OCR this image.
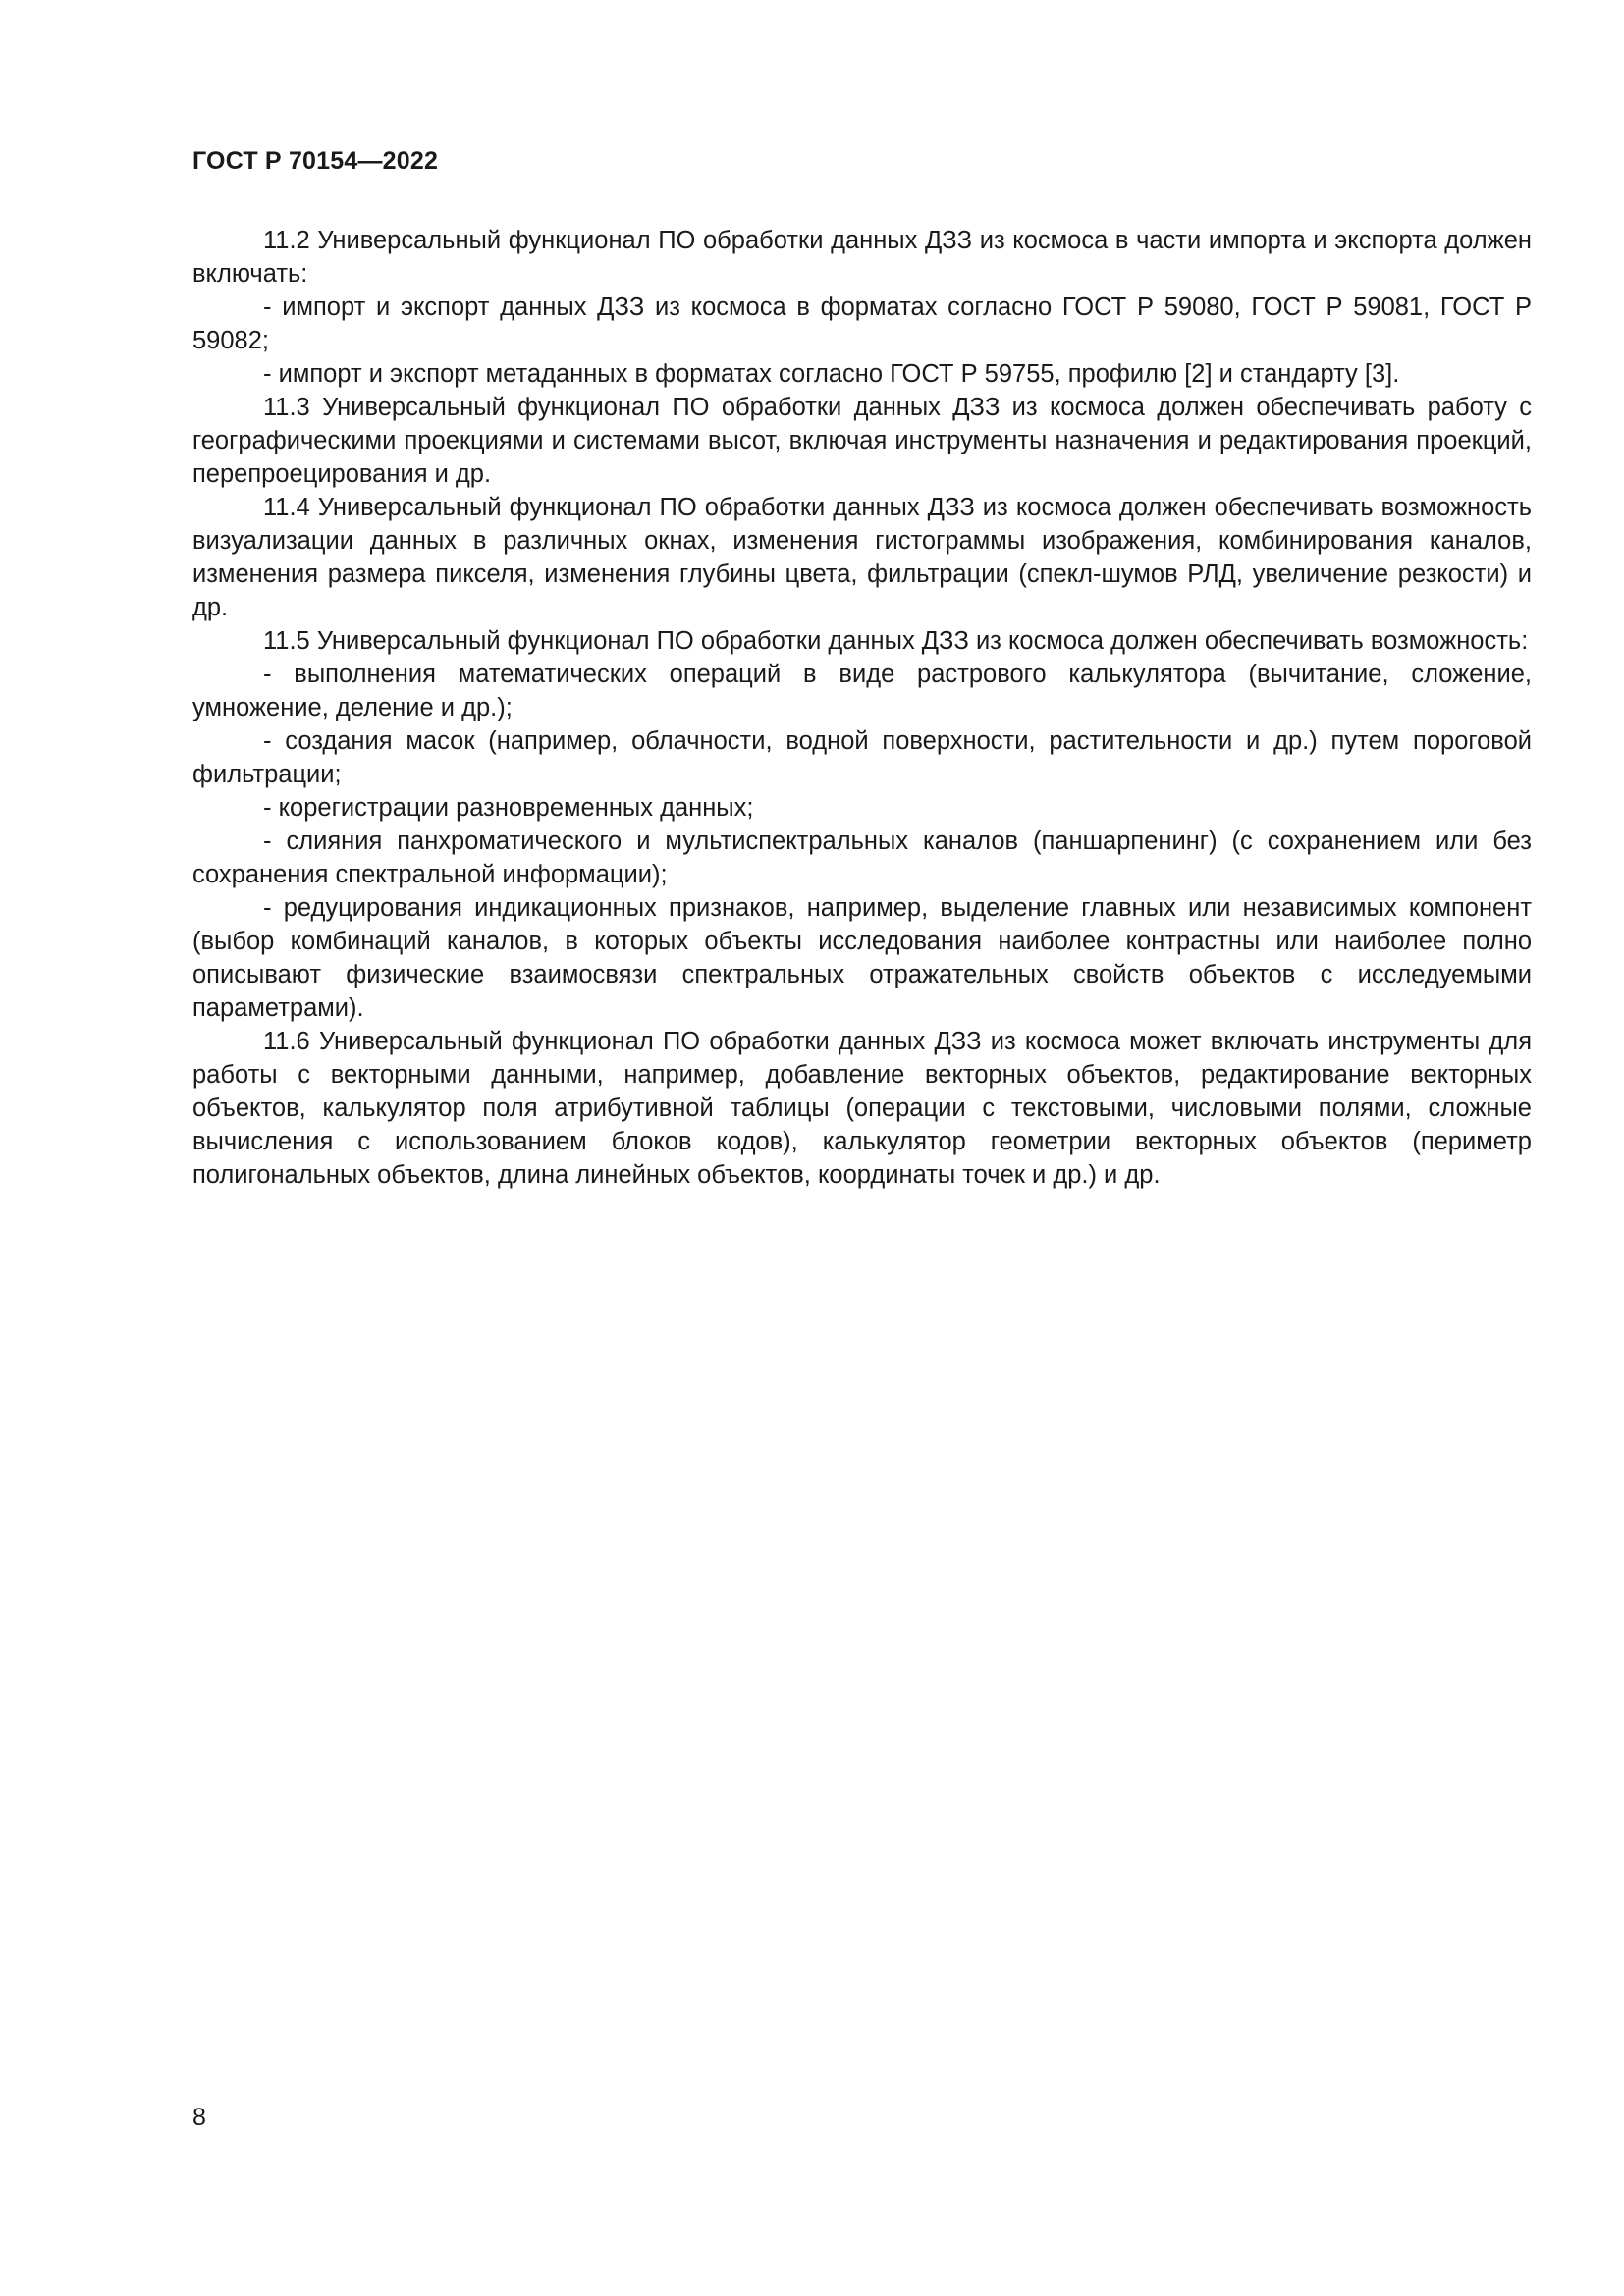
ГОСТ Р 70154—2022

11.2 Универсальный функционал ПО обработки данных ДЗЗ из космоса в части импорта и экспорта должен включать:

- импорт и экспорт данных ДЗЗ из космоса в форматах согласно ГОСТ Р 59080, ГОСТ Р 59081, ГОСТ Р 59082;

- импорт и экспорт метаданных в форматах согласно ГОСТ Р 59755, профилю [2] и стандарту [3].

11.3 Универсальный функционал ПО обработки данных ДЗЗ из космоса должен обеспечивать работу с географическими проекциями и системами высот, включая инструменты назначения и редактирования проекций, перепроецирования и др.

11.4 Универсальный функционал ПО обработки данных ДЗЗ из космоса должен обеспечивать возможность визуализации данных в различных окнах, изменения гистограммы изображения, комбинирования каналов, изменения размера пикселя, изменения глубины цвета, фильтрации (спекл-шумов РЛД, увеличение резкости) и др.

11.5 Универсальный функционал ПО обработки данных ДЗЗ из космоса должен обеспечивать возможность:

- выполнения математических операций в виде растрового калькулятора (вычитание, сложение, умножение, деление и др.);

- создания масок (например, облачности, водной поверхности, растительности и др.) путем пороговой фильтрации;

- корегистрации разновременных данных;

- слияния панхроматического и мультиспектральных каналов (паншарпенинг) (с сохранением или без сохранения спектральной информации);

- редуцирования индикационных признаков, например, выделение главных или независимых компонент (выбор комбинаций каналов, в которых объекты исследования наиболее контрастны или наиболее полно описывают физические взаимосвязи спектральных отражательных свойств объектов с исследуемыми параметрами).

11.6 Универсальный функционал ПО обработки данных ДЗЗ из космоса может включать инструменты для работы с векторными данными, например, добавление векторных объектов, редактирование векторных объектов, калькулятор поля атрибутивной таблицы (операции с текстовыми, числовыми полями, сложные вычисления с использованием блоков кодов), калькулятор геометрии векторных объектов (периметр полигональных объектов, длина линейных объектов, координаты точек и др.) и др.

8
